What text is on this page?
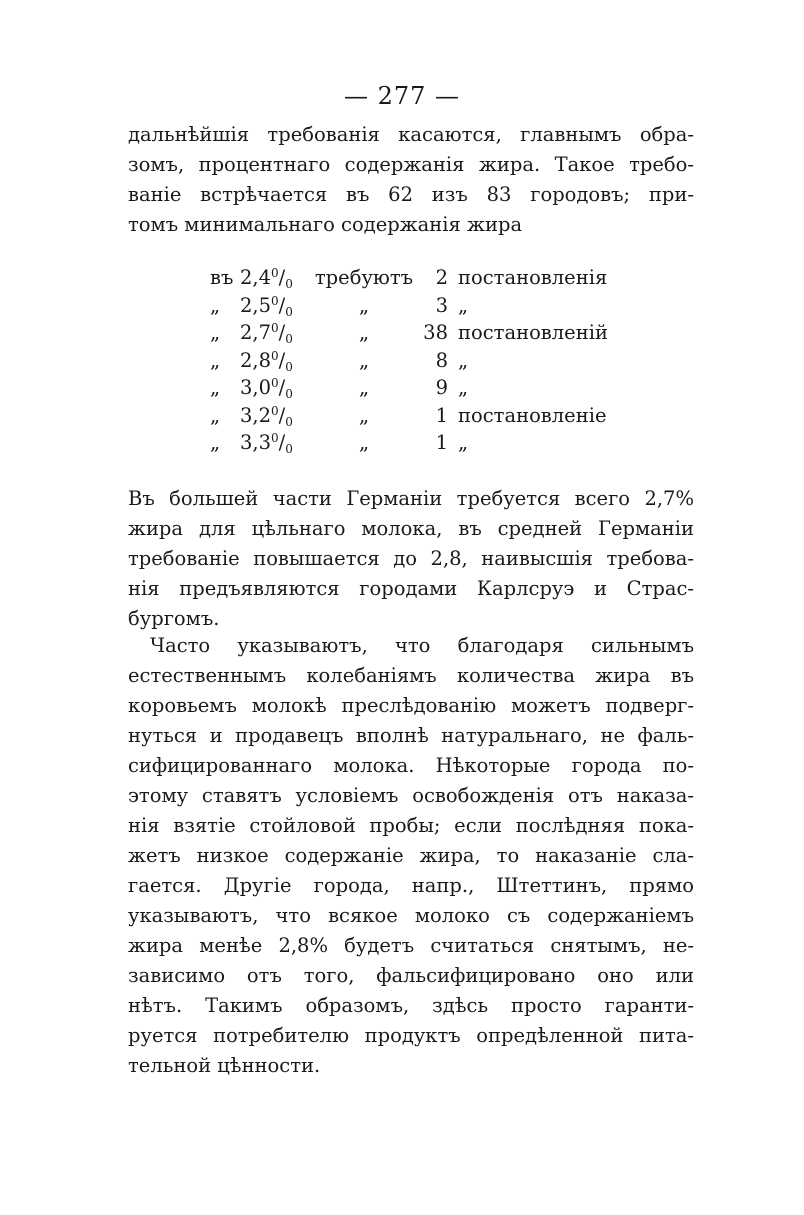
— 277 —

дальнѣйшія требованія касаются, главнымъ обра-
зомъ, процентнаго содержанія жира. Такое требо-
ваніе встрѣчается въ 62 изъ 83 городовъ; при-
томъ минимальнаго содержанія жира

въ $2,4^0/_0$ требуютъ	2 постановленія
„ $2,5^0/_0$	„	3 „
„ $2,7^0/_0$	„	38 постановленій
„ $2,8^0/_0$	„	8 „
„ $3,0^0/_0$	„	9 „
„ $3,2^0/_0$	„	1 постановленіе
„ $3,3^0/_0$	„	1 „

Въ большей части Германіи требуется всего 2,7%
жира для цѣльнаго молока, въ средней Германіи
требованіе повышается до 2,8, наивысшія требова-
нія предъявляются городами Карлсруэ и Страс-
бургомъ.

Часто указываютъ, что благодаря сильнымъ
естественнымъ колебаніямъ количества жира въ
коровьемъ молокѣ преслѣдованію можетъ подверг-
нуться и продавецъ вполнѣ натуральнаго, не фаль-
сифицированнаго молока. Нѣкоторые города по-
этому ставятъ условіемъ освобожденія отъ наказа-
нія взятіе стойловой пробы; если послѣдняя пока-
жетъ низкое содержаніе жира, то наказаніе сла-
гается. Другіе города, напр., Штеттинъ, прямо
указываютъ, что всякое молоко съ содержаніемъ
жира менѣе 2,8% будетъ считаться снятымъ, не-
зависимо отъ того, фальсифицировано оно или
нѣтъ. Такимъ образомъ, здѣсь просто гаранти-
руется потребителю продуктъ опредѣленной пита-
тельной цѣнности.
